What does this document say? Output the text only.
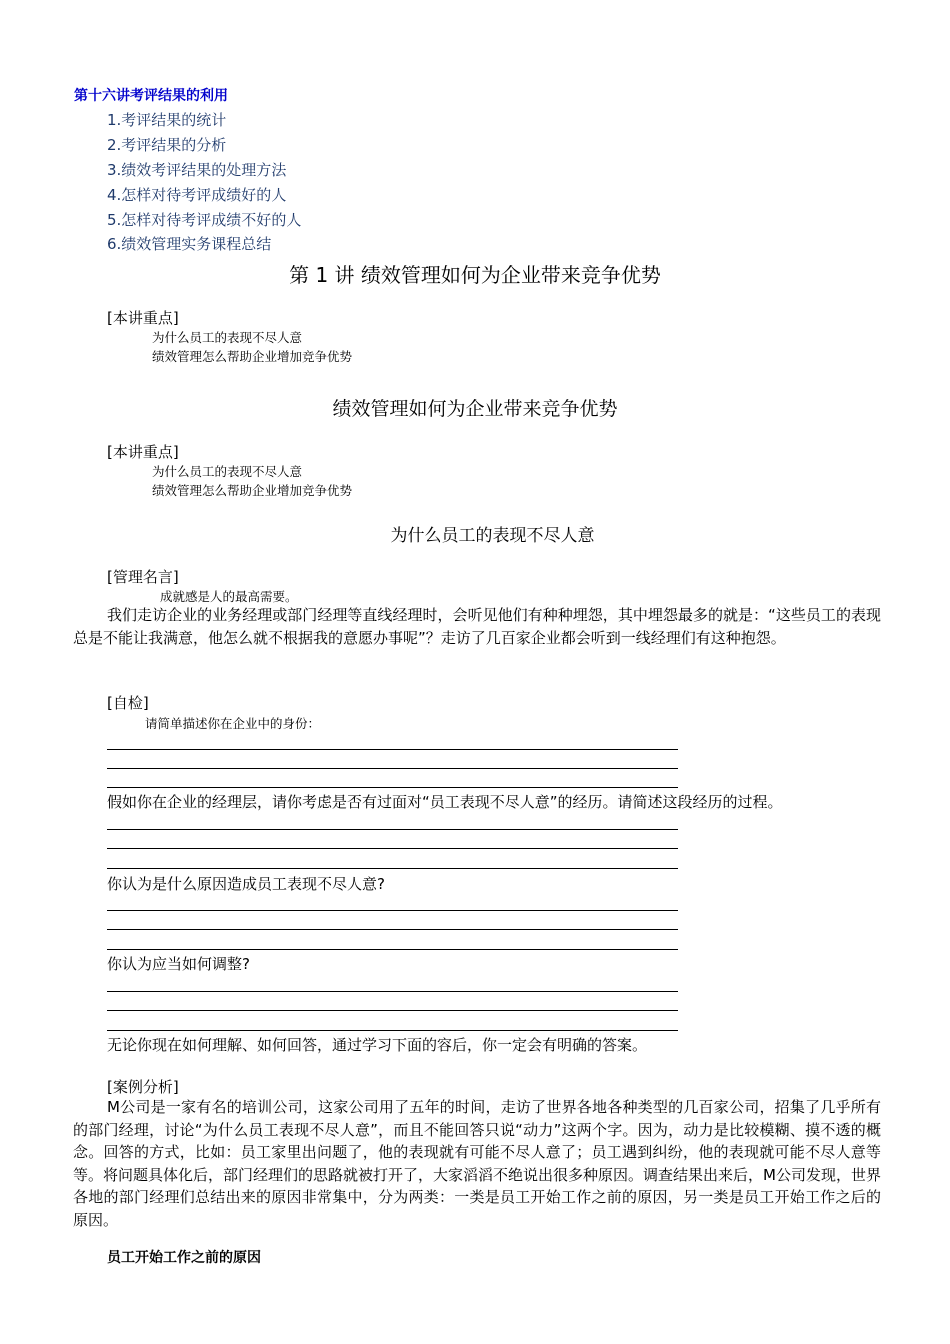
第十六讲考评结果的利用
1.考评结果的统计
2.考评结果的分析
3.绩效考评结果的处理方法
4.怎样对待考评成绩好的人
5.怎样对待考评成绩不好的人
6.绩效管理实务课程总结
第 1 讲 绩效管理如何为企业带来竞争优势
[本讲重点]
为什么员工的表现不尽人意
绩效管理怎么帮助企业增加竞争优势
绩效管理如何为企业带来竞争优势
[本讲重点]
为什么员工的表现不尽人意
绩效管理怎么帮助企业增加竞争优势
为什么员工的表现不尽人意
[管理名言]
成就感是人的最高需要。
我们走访企业的业务经理或部门经理等直线经理时，会听见他们有种种埋怨，其中埋怨最多的就是：“这些员工的表现总是不能让我满意，他怎么就不根据我的意愿办事呢”？走访了几百家企业都会听到一线经理们有这种抱怨。
[自检]
请简单描述你在企业中的身份：
假如你在企业的经理层，请你考虑是否有过面对“员工表现不尽人意”的经历。请简述这段经历的过程。
你认为是什么原因造成员工表现不尽人意?
你认为应当如何调整?
无论你现在如何理解、如何回答，通过学习下面的容后，你一定会有明确的答案。
[案例分析]
M公司是一家有名的培训公司，这家公司用了五年的时间，走访了世界各地各种类型的几百家公司，招集了几乎所有的部门经理，讨论“为什么员工表现不尽人意”，而且不能回答只说“动力”这两个字。因为，动力是比较模糊、摸不透的概念。回答的方式，比如：员工家里出问题了，他的表现就有可能不尽人意了；员工遇到纠纷，他的表现就可能不尽人意等等。将问题具体化后，部门经理们的思路就被打开了，大家滔滔不绝说出很多种原因。调查结果出来后，M公司发现，世界各地的部门经理们总结出来的原因非常集中，分为两类：一类是员工开始工作之前的原因，另一类是员工开始工作之后的原因。
员工开始工作之前的原因
